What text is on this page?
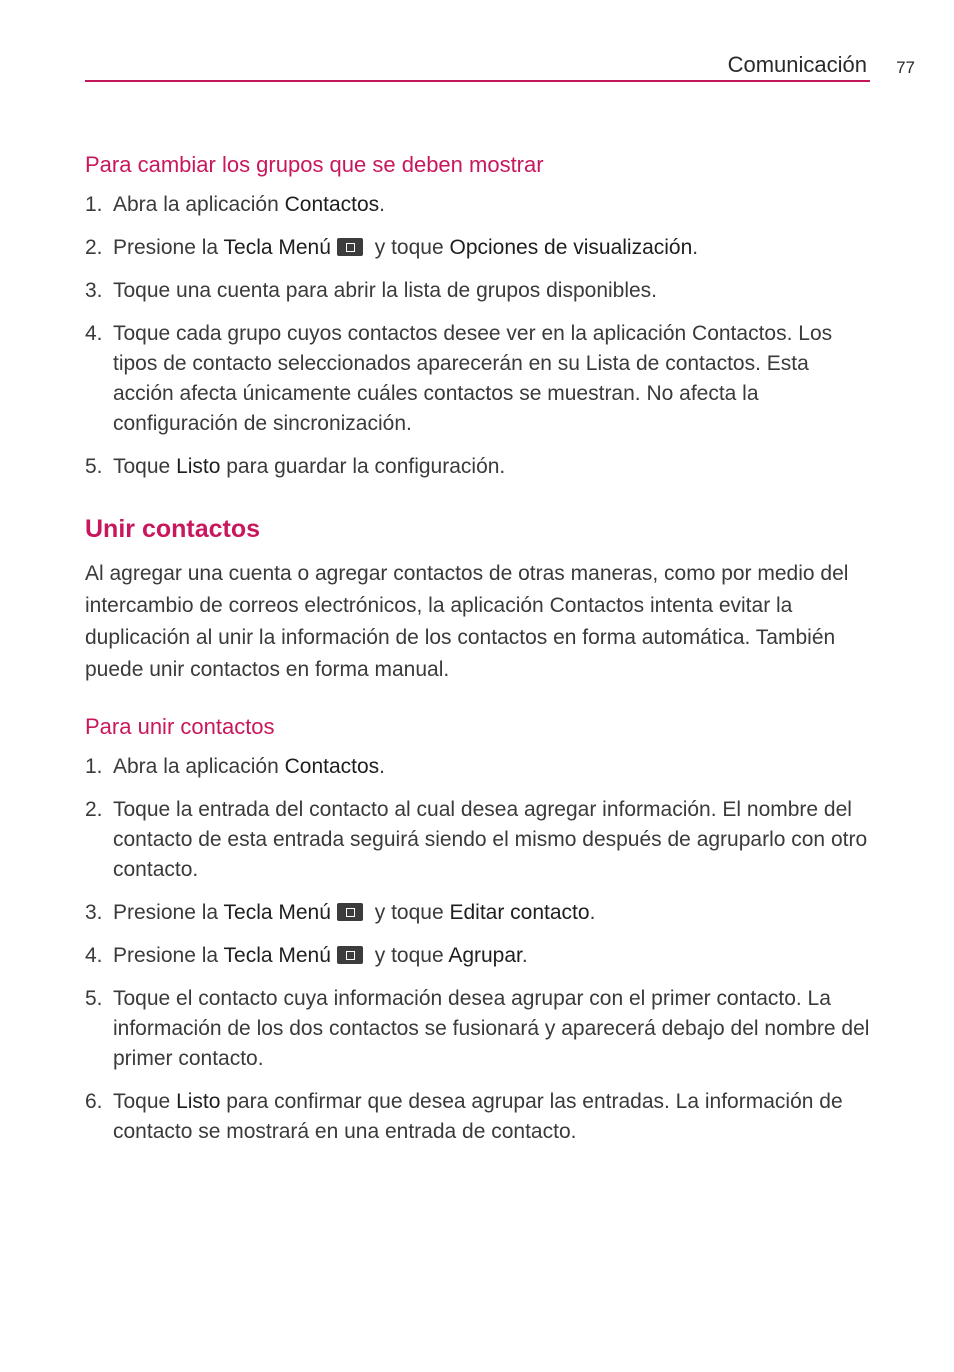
Comunicación 77
Para cambiar los grupos que se deben mostrar
1. Abra la aplicación Contactos.
2. Presione la Tecla Menú y toque Opciones de visualización.
3. Toque una cuenta para abrir la lista de grupos disponibles.
4. Toque cada grupo cuyos contactos desee ver en la aplicación Contactos. Los tipos de contacto seleccionados aparecerán en su Lista de contactos. Esta acción afecta únicamente cuáles contactos se muestran. No afecta la configuración de sincronización.
5. Toque Listo para guardar la configuración.
Unir contactos

Al agregar una cuenta o agregar contactos de otras maneras, como por medio del intercambio de correos electrónicos, la aplicación Contactos intenta evitar la duplicación al unir la información de los contactos en forma automática. También puede unir contactos en forma manual.

Para unir contactos
1. Abra la aplicación Contactos.
2. Toque la entrada del contacto al cual desea agregar información. El nombre del contacto de esta entrada seguirá siendo el mismo después de agruparlo con otro contacto.
3. Presione la Tecla Menú y toque Editar contacto.
4. Presione la Tecla Menú y toque Agrupar.
5. Toque el contacto cuya información desea agrupar con el primer contacto. La información de los dos contactos se fusionará y aparecerá debajo del nombre del primer contacto.
6. Toque Listo para confirmar que desea agrupar las entradas. La información de contacto se mostrará en una entrada de contacto.
